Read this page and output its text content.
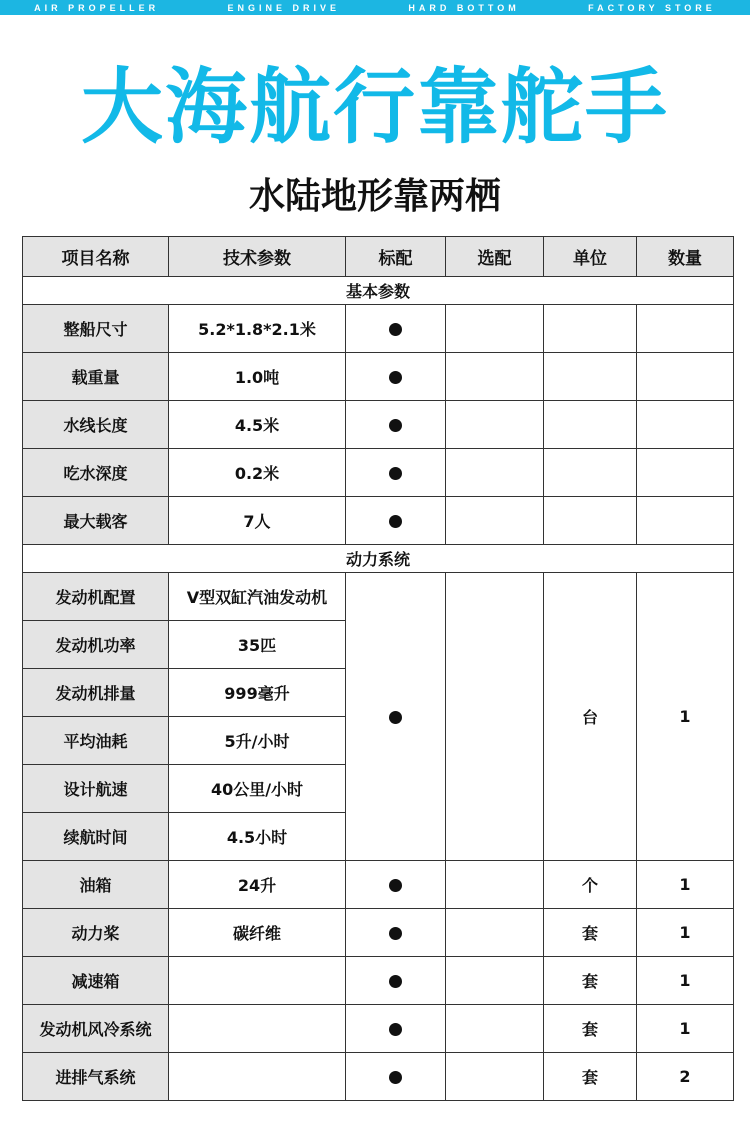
AIR PROPELLER	ENGINE DRIVE	HARD BOTTOM	FACTORY STORE
大海航行靠舵手
水陆地形靠两栖
项目名称	技术参数	标配	选配	单位	数量
基本参数					
整船尺寸	5.2*1.8*2.1米				
载重量	1.0吨				
水线长度	4.5米				
吃水深度	0.2米				
最大载客	7人				
动力系统					
发动机配置	V型双缸汽油发动机			台	1
发动机功率	35匹				
发动机排量	999毫升				
平均油耗	5升/小时				
设计航速	40公里/小时				
续航时间	4.5小时				
油箱	24升			个	1
动力桨	碳纤维			套	1
减速箱				套	1
发动机风冷系统				套	1
进排气系统				套	2
